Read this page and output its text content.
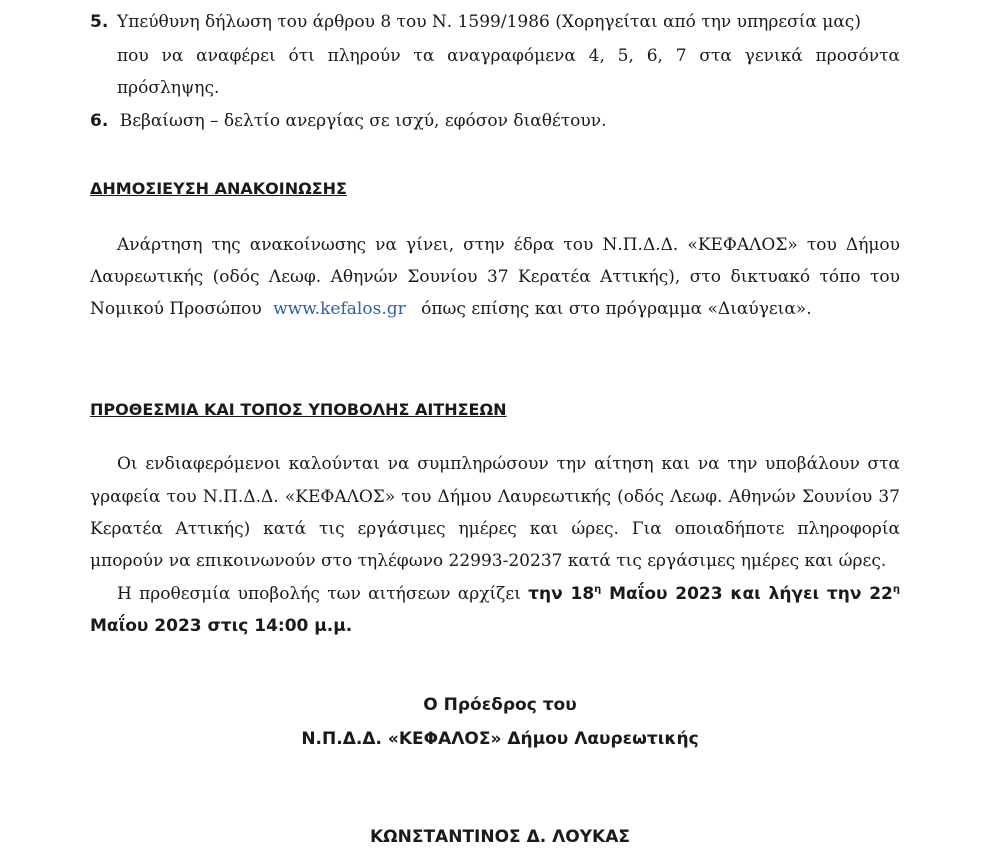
5. Υπεύθυνη δήλωση του άρθρου 8 του Ν. 1599/1986 (Χορηγείται από την υπηρεσία μας)
που να αναφέρει ότι πληρούν τα αναγραφόμενα 4, 5, 6, 7 στα γενικά προσόντα
πρόσληψης.
6. Βεβαίωση – δελτίο ανεργίας σε ισχύ, εφόσον διαθέτουν.
ΔΗΜΟΣΙΕΥΣΗ ΑΝΑΚΟΙΝΩΣΗΣ
Ανάρτηση της ανακοίνωσης να γίνει, στην έδρα του Ν.Π.Δ.Δ. «ΚΕΦΑΛΟΣ» του Δήμου
Λαυρεωτικής (οδός Λεωφ. Αθηνών Σουνίου 37 Κερατέα Αττικής), στο δικτυακό τόπο του
Νομικού Προσώπου www.kefalos.gr όπως επίσης και στο πρόγραμμα «Διαύγεια».
ΠΡΟΘΕΣΜΙΑ ΚΑΙ ΤΟΠΟΣ ΥΠΟΒΟΛΗΣ ΑΙΤΗΣΕΩΝ
Οι ενδιαφερόμενοι καλούνται να συμπληρώσουν την αίτηση και να την υποβάλουν στα
γραφεία του Ν.Π.Δ.Δ. «ΚΕΦΑΛΟΣ» του Δήμου Λαυρεωτικής (οδός Λεωφ. Αθηνών Σουνίου 37
Κερατέα Αττικής) κατά τις εργάσιμες ημέρες και ώρες. Για οποιαδήποτε πληροφορία
μπορούν να επικοινωνούν στο τηλέφωνο 22993-20237 κατά τις εργάσιμες ημέρες και ώρες.
Η προθεσμία υποβολής των αιτήσεων αρχίζει την $18^\eta$ Μαΐου 2023 και λήγει την $22^\eta$
Μαΐου 2023 στις 14:00 μ.μ.
Ο Πρόεδρος του
Ν.Π.Δ.Δ. «ΚΕΦΑΛΟΣ» Δήμου Λαυρεωτικής
ΚΩΝΣΤΑΝΤΙΝΟΣ Δ. ΛΟΥΚΑΣ
